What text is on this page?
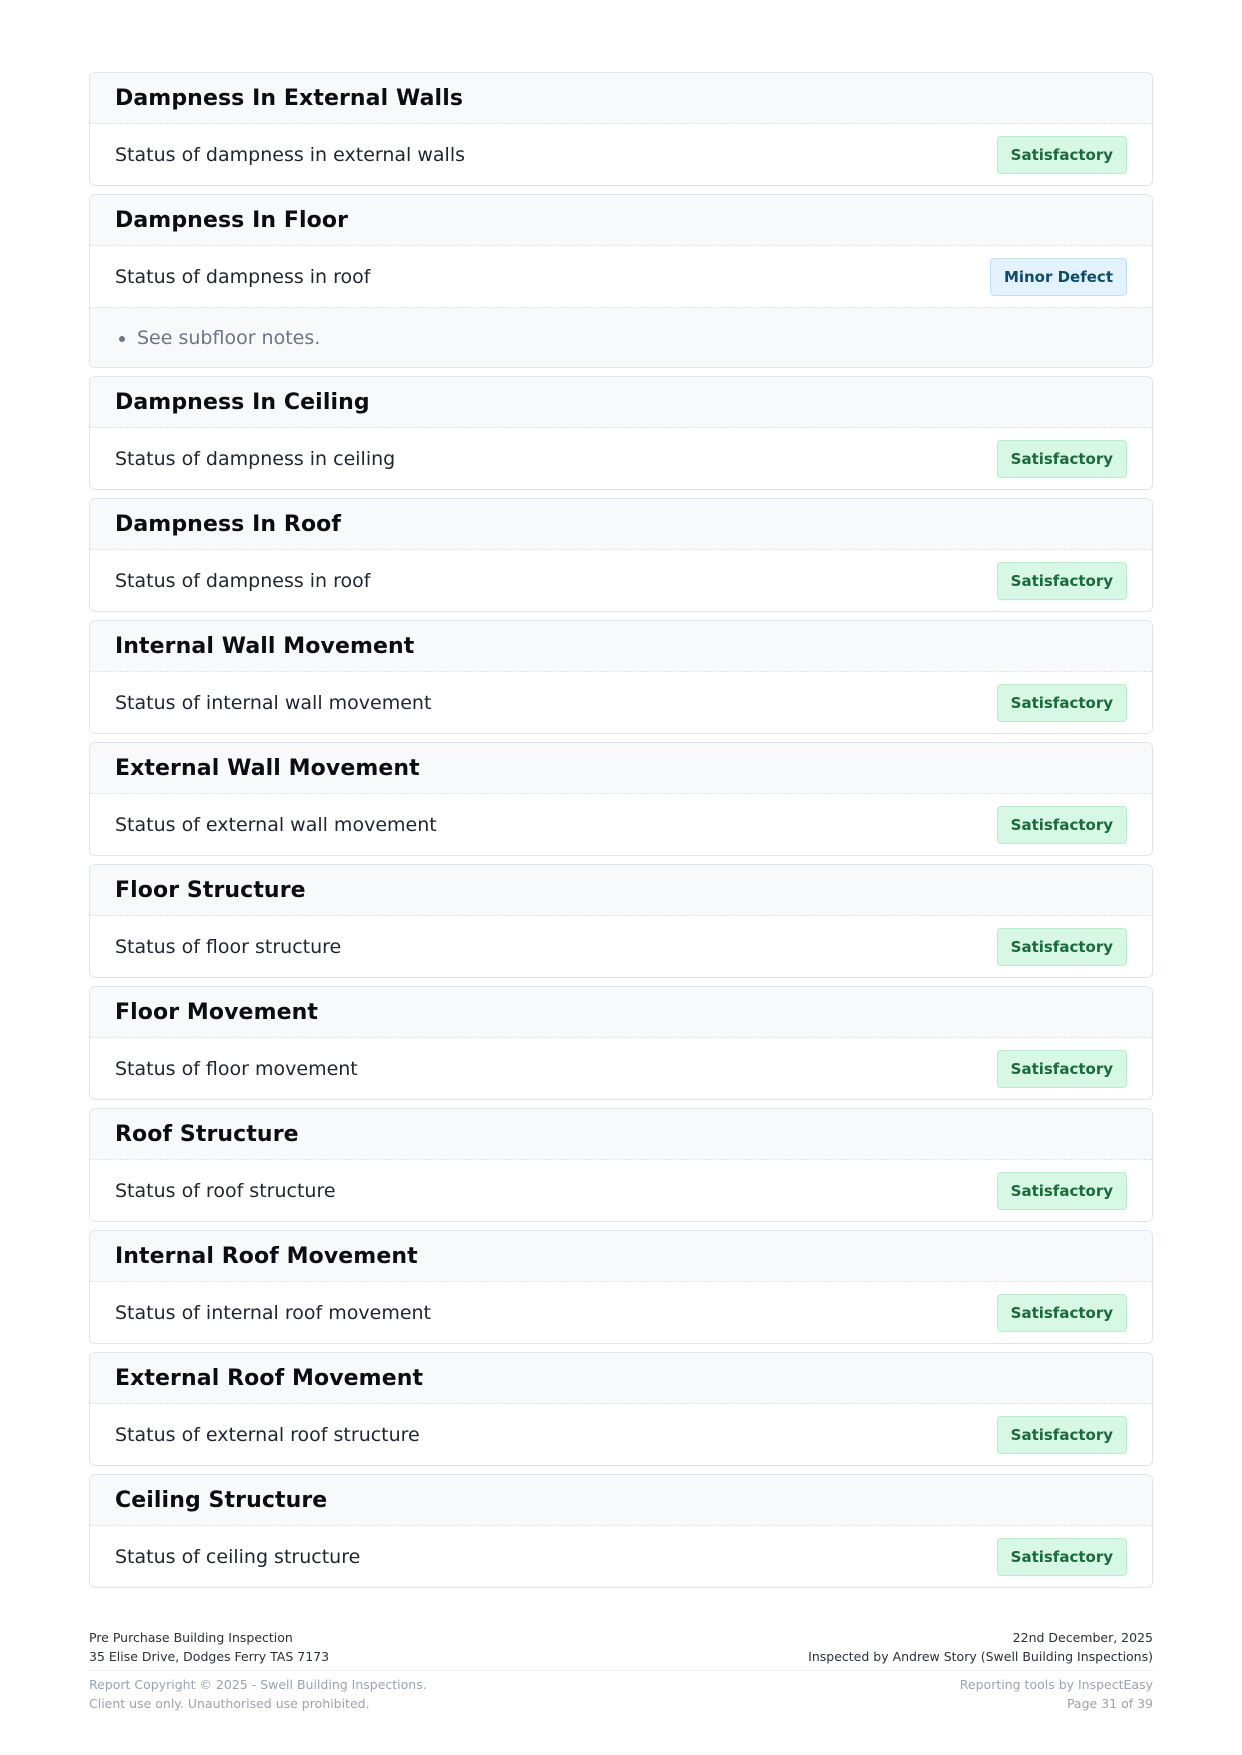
Dampness In External Walls
Status of dampness in external walls	Satisfactory
Dampness In Floor
Status of dampness in roof	Minor Defect
• See subfloor notes.
Dampness In Ceiling
Status of dampness in ceiling	Satisfactory
Dampness In Roof
Status of dampness in roof	Satisfactory
Internal Wall Movement
Status of internal wall movement	Satisfactory
External Wall Movement
Status of external wall movement	Satisfactory
Floor Structure
Status of floor structure	Satisfactory
Floor Movement
Status of floor movement	Satisfactory
Roof Structure
Status of roof structure	Satisfactory
Internal Roof Movement
Status of internal roof movement	Satisfactory
External Roof Movement
Status of external roof structure	Satisfactory
Ceiling Structure
Status of ceiling structure	Satisfactory
Pre Purchase Building Inspection
35 Elise Drive, Dodges Ferry TAS 7173
22nd December, 2025
Inspected by Andrew Story (Swell Building Inspections)
Report Copyright © 2025 - Swell Building Inspections.
Client use only. Unauthorised use prohibited.
Reporting tools by InspectEasy
Page 31 of 39
